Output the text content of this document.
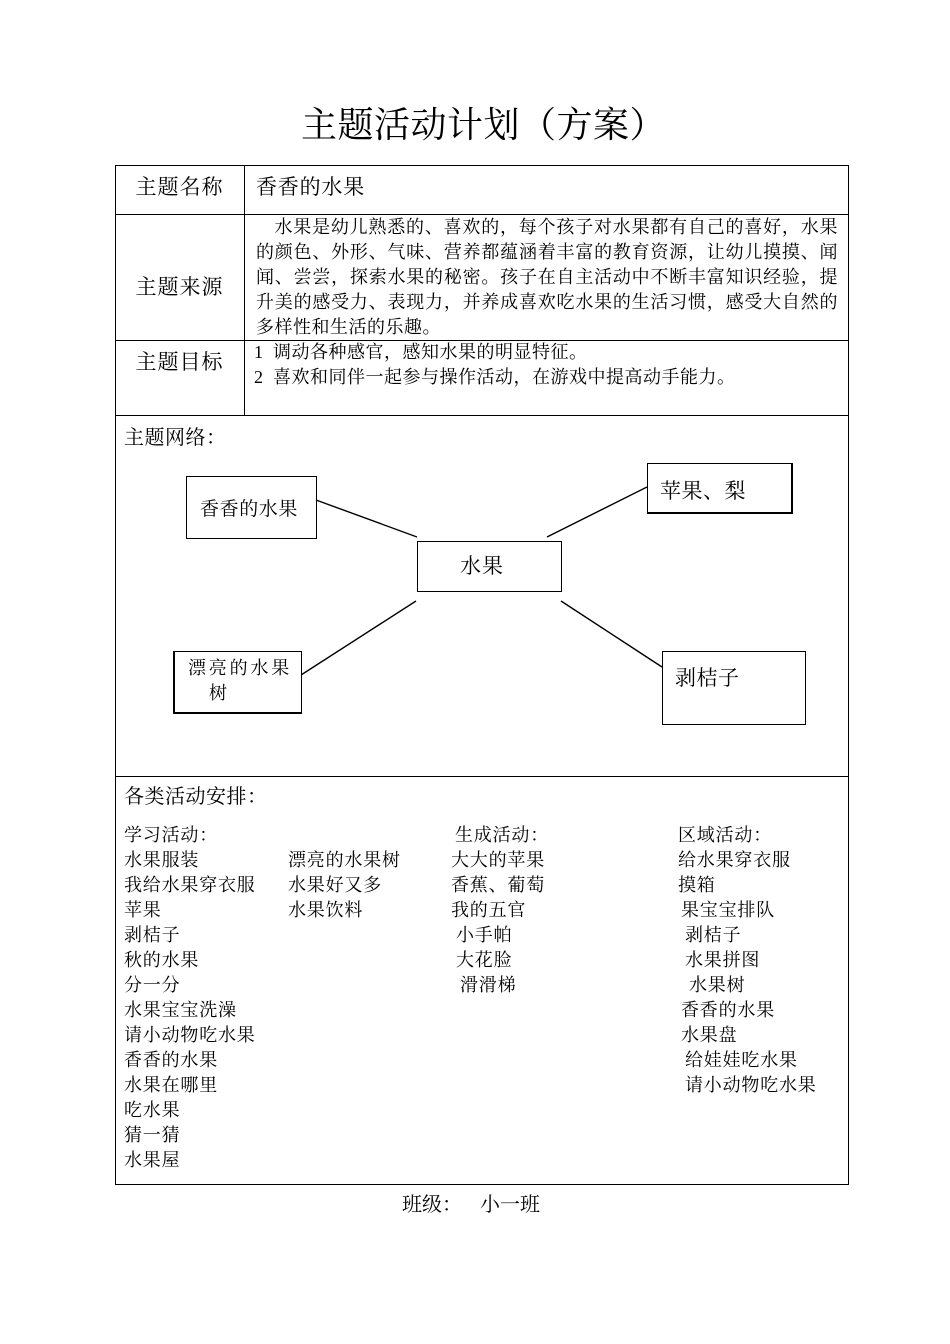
主题活动计划（方案）
主题名称	香香的水果
主题来源
水果是幼儿熟悉的、喜欢的，每个孩子对水果都有自己的喜好，水果的颜色、外形、气味、营养都蕴涵着丰富的教育资源，让幼儿摸摸、闻闻、尝尝，探索水果的秘密。孩子在自主活动中不断丰富知识经验，提升美的感受力、表现力，并养成喜欢吃水果的生活习惯，感受大自然的多样性和生活的乐趣。
主题目标	1 调动各种感官，感知水果的明显特征。
2 喜欢和同伴一起参与操作活动，在游戏中提高动手能力。
主题网络：
香香的水果
苹果、梨
水果
漂亮的水果树
剥桔子
各类活动安排：
学习活动：
水果服装
我给水果穿衣服
苹果
剥桔子
秋的水果
分一分
水果宝宝洗澡
请小动物吃水果
香香的水果
水果在哪里
吃水果
猜一猜
水果屋
漂亮的水果树
水果好又多
水果饮料
生成活动：
大大的苹果
香蕉、葡萄
我的五官
小手帕
大花脸
滑滑梯
区域活动：
给水果穿衣服
摸箱
果宝宝排队
剥桔子
水果拼图
水果树
香香的水果
水果盘
给娃娃吃水果
请小动物吃水果
班级： 小一班
